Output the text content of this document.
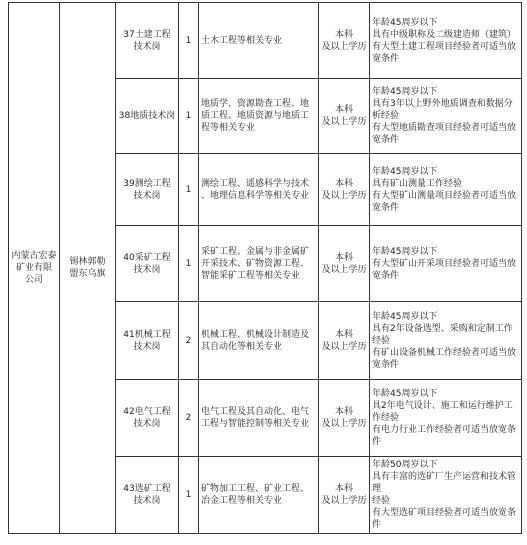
内蒙古宏泰
矿业有限
公司	锡林郭勒
盟东乌旗	37土建工程
技术岗	1	土木工程等相关专业	本科
及以上学历	年龄45周岁以下
具有中级职称及二级建造师（建筑）
有大型土建工程项目经验者可适当放
宽条件
		38地质技术岗	1	地质学、资源勘查工程、地
质工程、地质资源与地质工
程等相关专业	本科
及以上学历	年龄45周岁以下
具有3年以上野外地质调查和数据分
析经验
有大型地质勘查项目经验者可适当放
宽条件
		39测绘工程
技术岗	1	测绘工程、遥感科学与技术
、地理信息科学等相关专业	本科
及以上学历	年龄45周岁以下
具有矿山测量工作经验
有大型矿山测量项目经验者可适当放
宽条件
		40采矿工程
技术岗	1	采矿工程、金属与非金属矿
开采技术、矿物资源工程、
智能采矿工程等相关专业	本科
及以上学历	年龄45周岁以下
有大型矿山开采项目经验者可适当放
宽条件
		41机械工程
技术岗	2	机械工程、机械设计制造及
其自动化等相关专业	本科
及以上学历	年龄45周岁以下
具有2年设备选型、采购和定制工作
经验
有矿山设备机械工作经验者可适当放
宽条件
		42电气工程
技术岗	2	电气工程及其自动化、电气
工程与智能控制等相关专业	本科
及以上学历	年龄45周岁以下
具2年电气设计、施工和运行维护工
作经验
有电力行业工作经验者可适当放宽条件
		43选矿工程
技术岗	1	矿物加工工程、矿业工程、
冶金工程等相关专业	本科
及以上学历	年龄50周岁以下
具有丰富的选矿厂生产运营和技术管理
经验
有大型选矿项目经验者可适当放宽条
件
